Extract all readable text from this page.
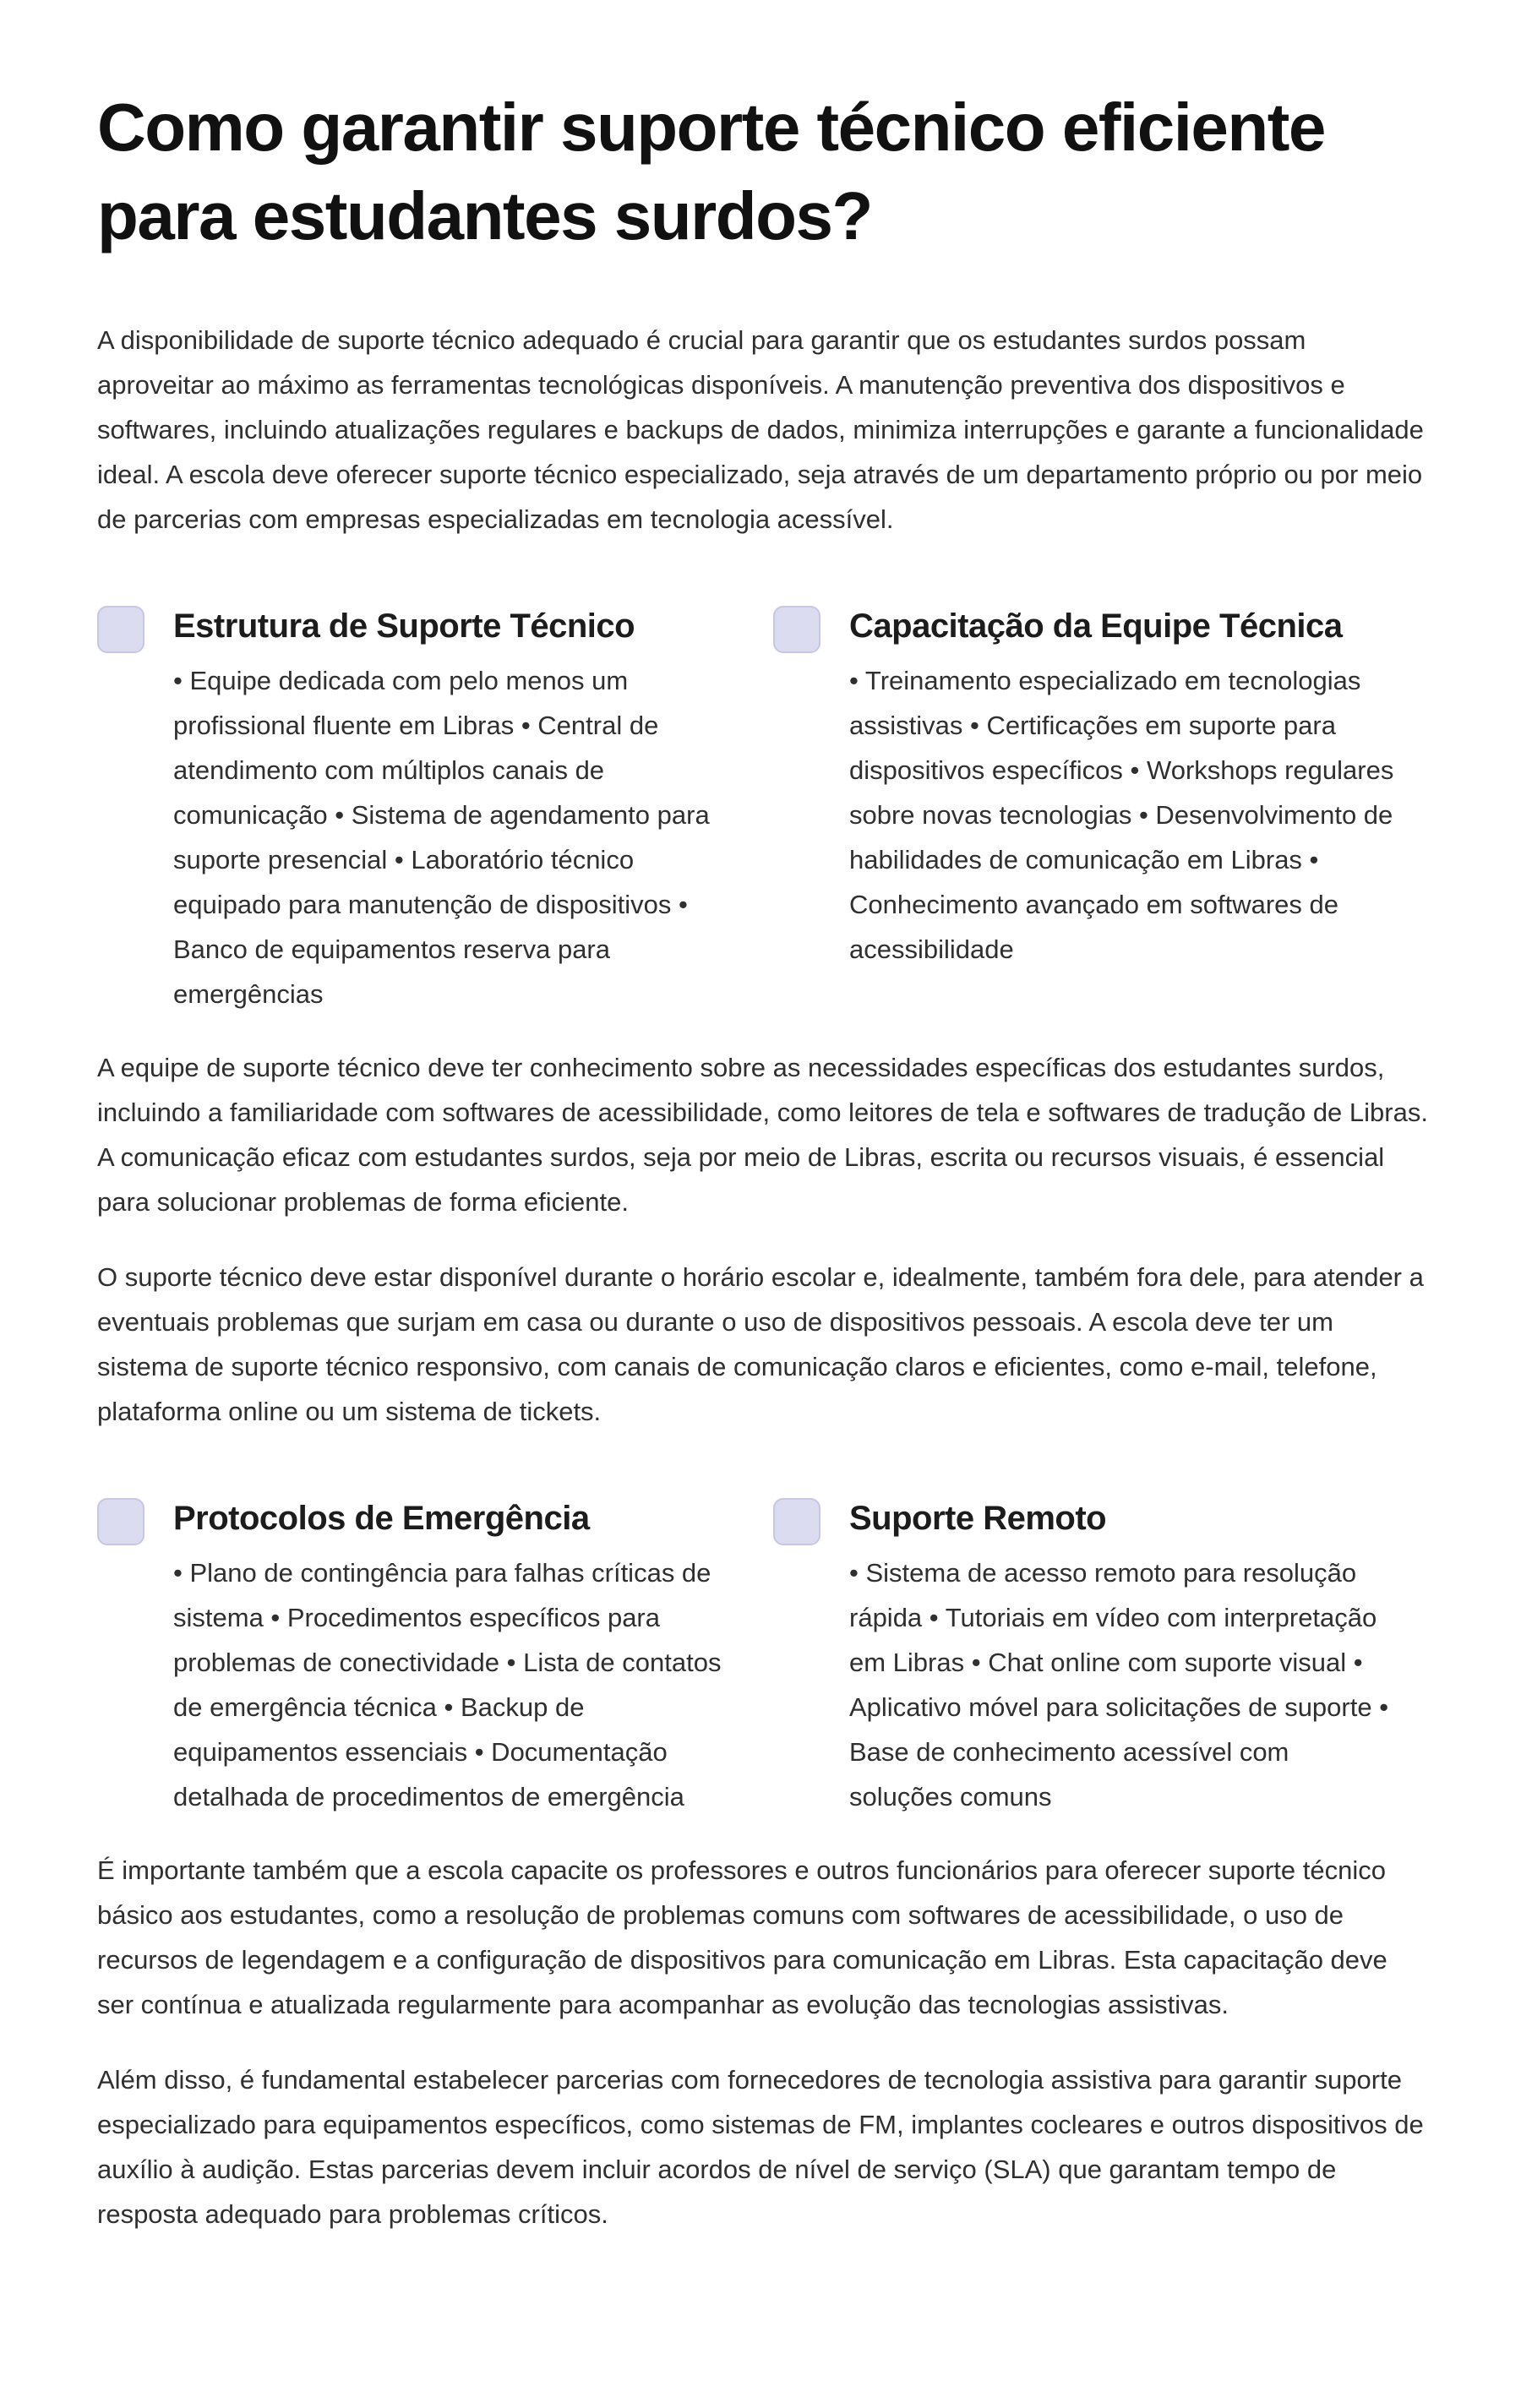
Como garantir suporte técnico eficiente para estudantes surdos?

A disponibilidade de suporte técnico adequado é crucial para garantir que os estudantes surdos possam aproveitar ao máximo as ferramentas tecnológicas disponíveis. A manutenção preventiva dos dispositivos e softwares, incluindo atualizações regulares e backups de dados, minimiza interrupções e garante a funcionalidade ideal. A escola deve oferecer suporte técnico especializado, seja através de um departamento próprio ou por meio de parcerias com empresas especializadas em tecnologia acessível.

Estrutura de Suporte Técnico

• Equipe dedicada com pelo menos um profissional fluente em Libras • Central de atendimento com múltiplos canais de comunicação • Sistema de agendamento para suporte presencial • Laboratório técnico equipado para manutenção de dispositivos • Banco de equipamentos reserva para emergências

Capacitação da Equipe Técnica

• Treinamento especializado em tecnologias assistivas • Certificações em suporte para dispositivos específicos • Workshops regulares sobre novas tecnologias • Desenvolvimento de habilidades de comunicação em Libras • Conhecimento avançado em softwares de acessibilidade

A equipe de suporte técnico deve ter conhecimento sobre as necessidades específicas dos estudantes surdos, incluindo a familiaridade com softwares de acessibilidade, como leitores de tela e softwares de tradução de Libras. A comunicação eficaz com estudantes surdos, seja por meio de Libras, escrita ou recursos visuais, é essencial para solucionar problemas de forma eficiente.

O suporte técnico deve estar disponível durante o horário escolar e, idealmente, também fora dele, para atender a eventuais problemas que surjam em casa ou durante o uso de dispositivos pessoais. A escola deve ter um sistema de suporte técnico responsivo, com canais de comunicação claros e eficientes, como e-mail, telefone, plataforma online ou um sistema de tickets.

Protocolos de Emergência

• Plano de contingência para falhas críticas de sistema • Procedimentos específicos para problemas de conectividade • Lista de contatos de emergência técnica • Backup de equipamentos essenciais • Documentação detalhada de procedimentos de emergência

Suporte Remoto

• Sistema de acesso remoto para resolução rápida • Tutoriais em vídeo com interpretação em Libras • Chat online com suporte visual • Aplicativo móvel para solicitações de suporte • Base de conhecimento acessível com soluções comuns

É importante também que a escola capacite os professores e outros funcionários para oferecer suporte técnico básico aos estudantes, como a resolução de problemas comuns com softwares de acessibilidade, o uso de recursos de legendagem e a configuração de dispositivos para comunicação em Libras. Esta capacitação deve ser contínua e atualizada regularmente para acompanhar as evolução das tecnologias assistivas.

Além disso, é fundamental estabelecer parcerias com fornecedores de tecnologia assistiva para garantir suporte especializado para equipamentos específicos, como sistemas de FM, implantes cocleares e outros dispositivos de auxílio à audição. Estas parcerias devem incluir acordos de nível de serviço (SLA) que garantam tempo de resposta adequado para problemas críticos.
